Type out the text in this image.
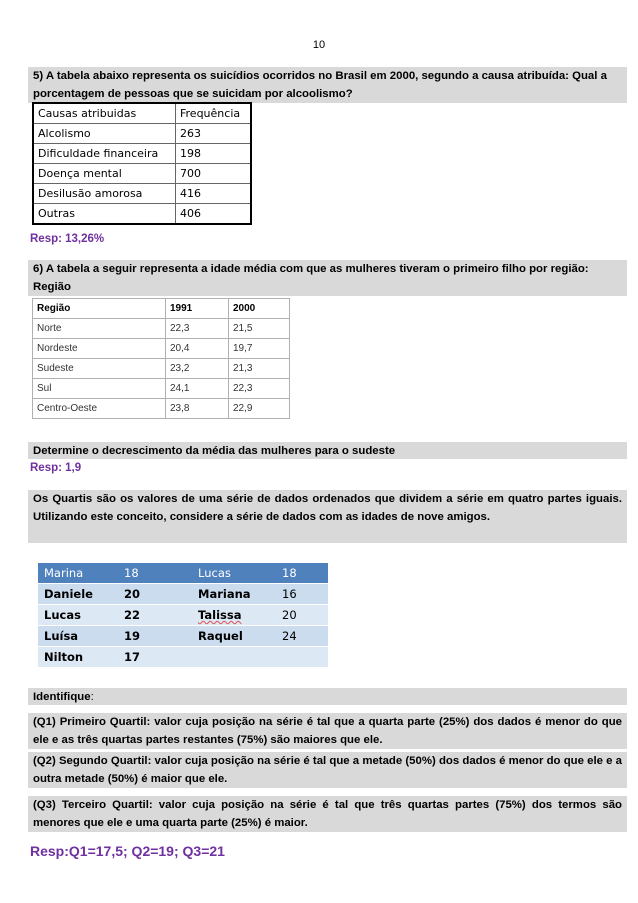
10
5) A tabela abaixo representa os suicídios ocorridos no Brasil em 2000, segundo a causa atribuída: Qual a porcentagem de pessoas que se suicidam por alcoolismo?
Causas atribuidas	Frequência
Alcolismo	263
Dificuldade financeira	198
Doença mental	700
Desilusão amorosa	416
Outras	406
Resp: 13,26%
6) A tabela a seguir representa a idade média com que as mulheres tiveram o primeiro filho por região: Região
Região	1991	2000
Norte	22,3	21,5
Nordeste	20,4	19,7
Sudeste	23,2	21,3
Sul	24,1	22,3
Centro-Oeste	23,8	22,9
Determine o decrescimento da média das mulheres para o sudeste
Resp: 1,9
Os Quartis são os valores de uma série de dados ordenados que dividem a série em quatro partes iguais. Utilizando este conceito, considere a série de dados com as idades de nove amigos.
Marina	18		Lucas	18
Daniele	20		Mariana	16
Lucas	22		Talissa	20
Luísa	19		Raquel	24
Nilton	17			
Identifique:
(Q1) Primeiro Quartil: valor cuja posição na série é tal que a quarta parte (25%) dos dados é menor do que ele e as três quartas partes restantes (75%) são maiores que ele.
(Q2) Segundo Quartil: valor cuja posição na série é tal que a metade (50%) dos dados é menor do que ele e a outra metade (50%) é maior que ele.
(Q3) Terceiro Quartil: valor cuja posição na série é tal que três quartas partes (75%) dos termos são menores que ele e uma quarta parte (25%) é maior.
Resp:Q1=17,5; Q2=19; Q3=21
